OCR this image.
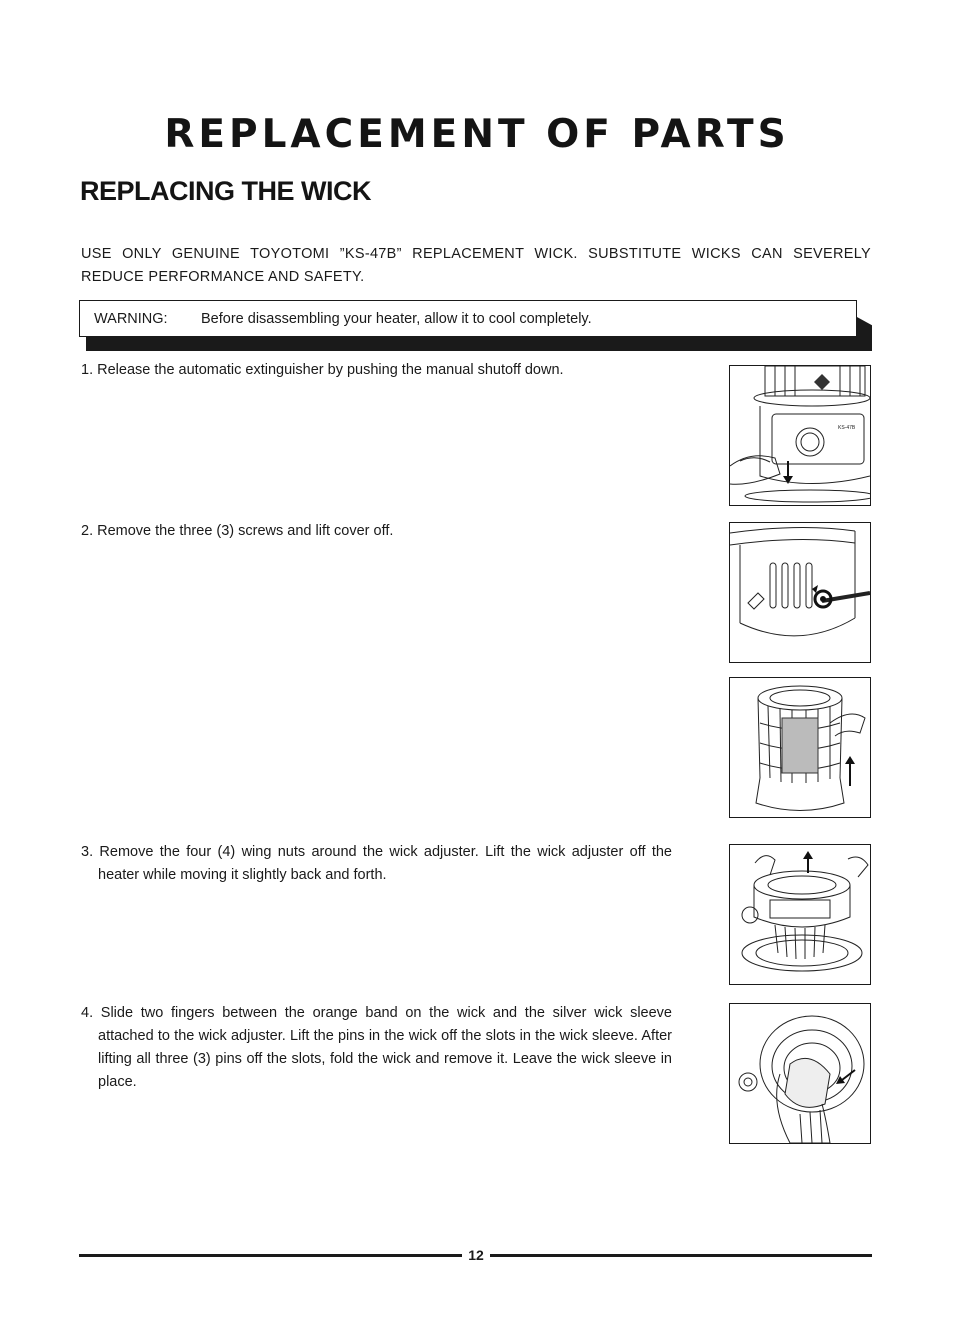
REPLACEMENT OF PARTS
REPLACING THE WICK

USE ONLY GENUINE TOYOTOMI ”KS-47B” REPLACEMENT WICK. SUBSTITUTE WICKS CAN SEVERELY REDUCE PERFORMANCE AND SAFETY.

WARNING:	Before disassembling your heater, allow it to cool completely.

1. Release the automatic extinguisher by pushing the manual shutoff down.

2. Remove the three (3) screws and lift cover off.

3. Remove the four (4) wing nuts around the wick adjuster. Lift the wick adjuster off the heater while moving it slightly back and forth.

4. Slide two fingers between the orange band on the wick and the silver wick sleeve attached to the wick adjuster. Lift the pins in the wick off the slots in the wick sleeve. After lifting all three (3) pins off the slots, fold the wick and remove it. Leave the wick sleeve in place.

KS-47B
12
